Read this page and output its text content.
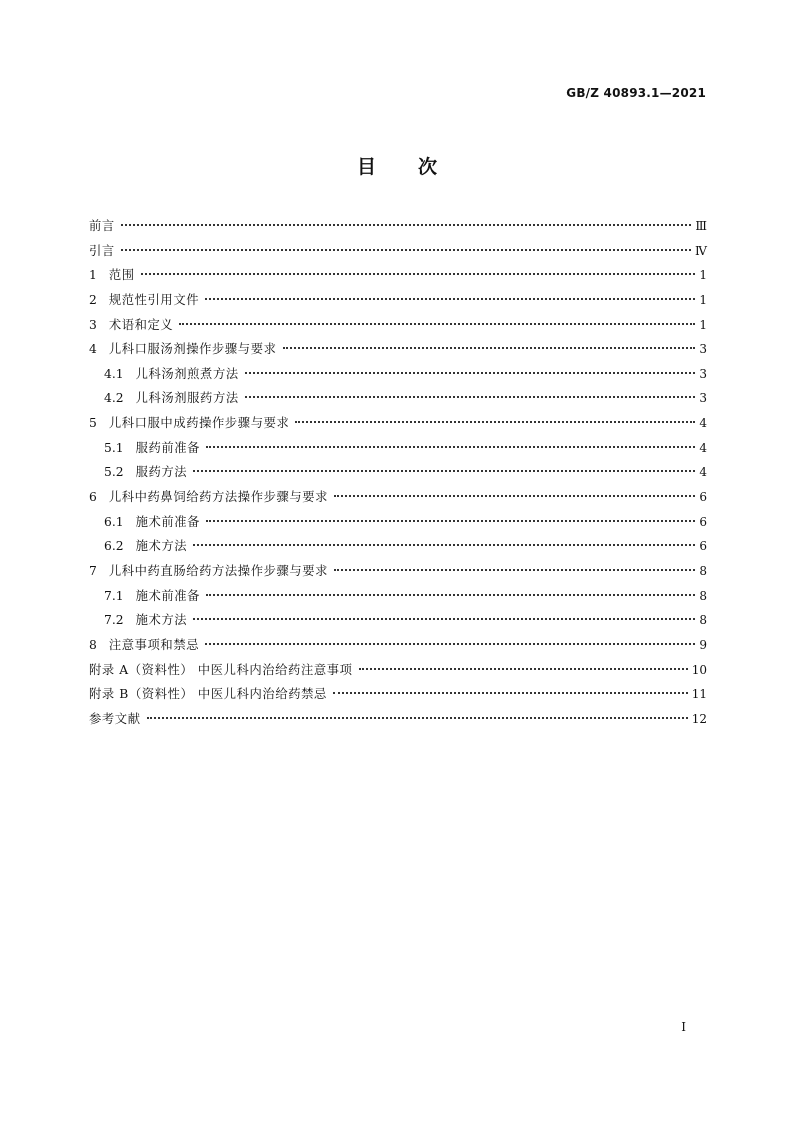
GB/Z 40893.1—2021
目 次
前言	Ⅲ
引言	Ⅳ
1 范围	1
2 规范性引用文件	1
3 术语和定义	1
4 儿科口服汤剂操作步骤与要求	3
4.1 儿科汤剂煎煮方法	3
4.2 儿科汤剂服药方法	3
5 儿科口服中成药操作步骤与要求	4
5.1 服药前准备	4
5.2 服药方法	4
6 儿科中药鼻饲给药方法操作步骤与要求	6
6.1 施术前准备	6
6.2 施术方法	6
7 儿科中药直肠给药方法操作步骤与要求	8
7.1 施术前准备	8
7.2 施术方法	8
8 注意事项和禁忌	9
附录 A（资料性） 中医儿科内治给药注意事项	10
附录 B（资料性） 中医儿科内治给药禁忌	11
参考文献	12
I
